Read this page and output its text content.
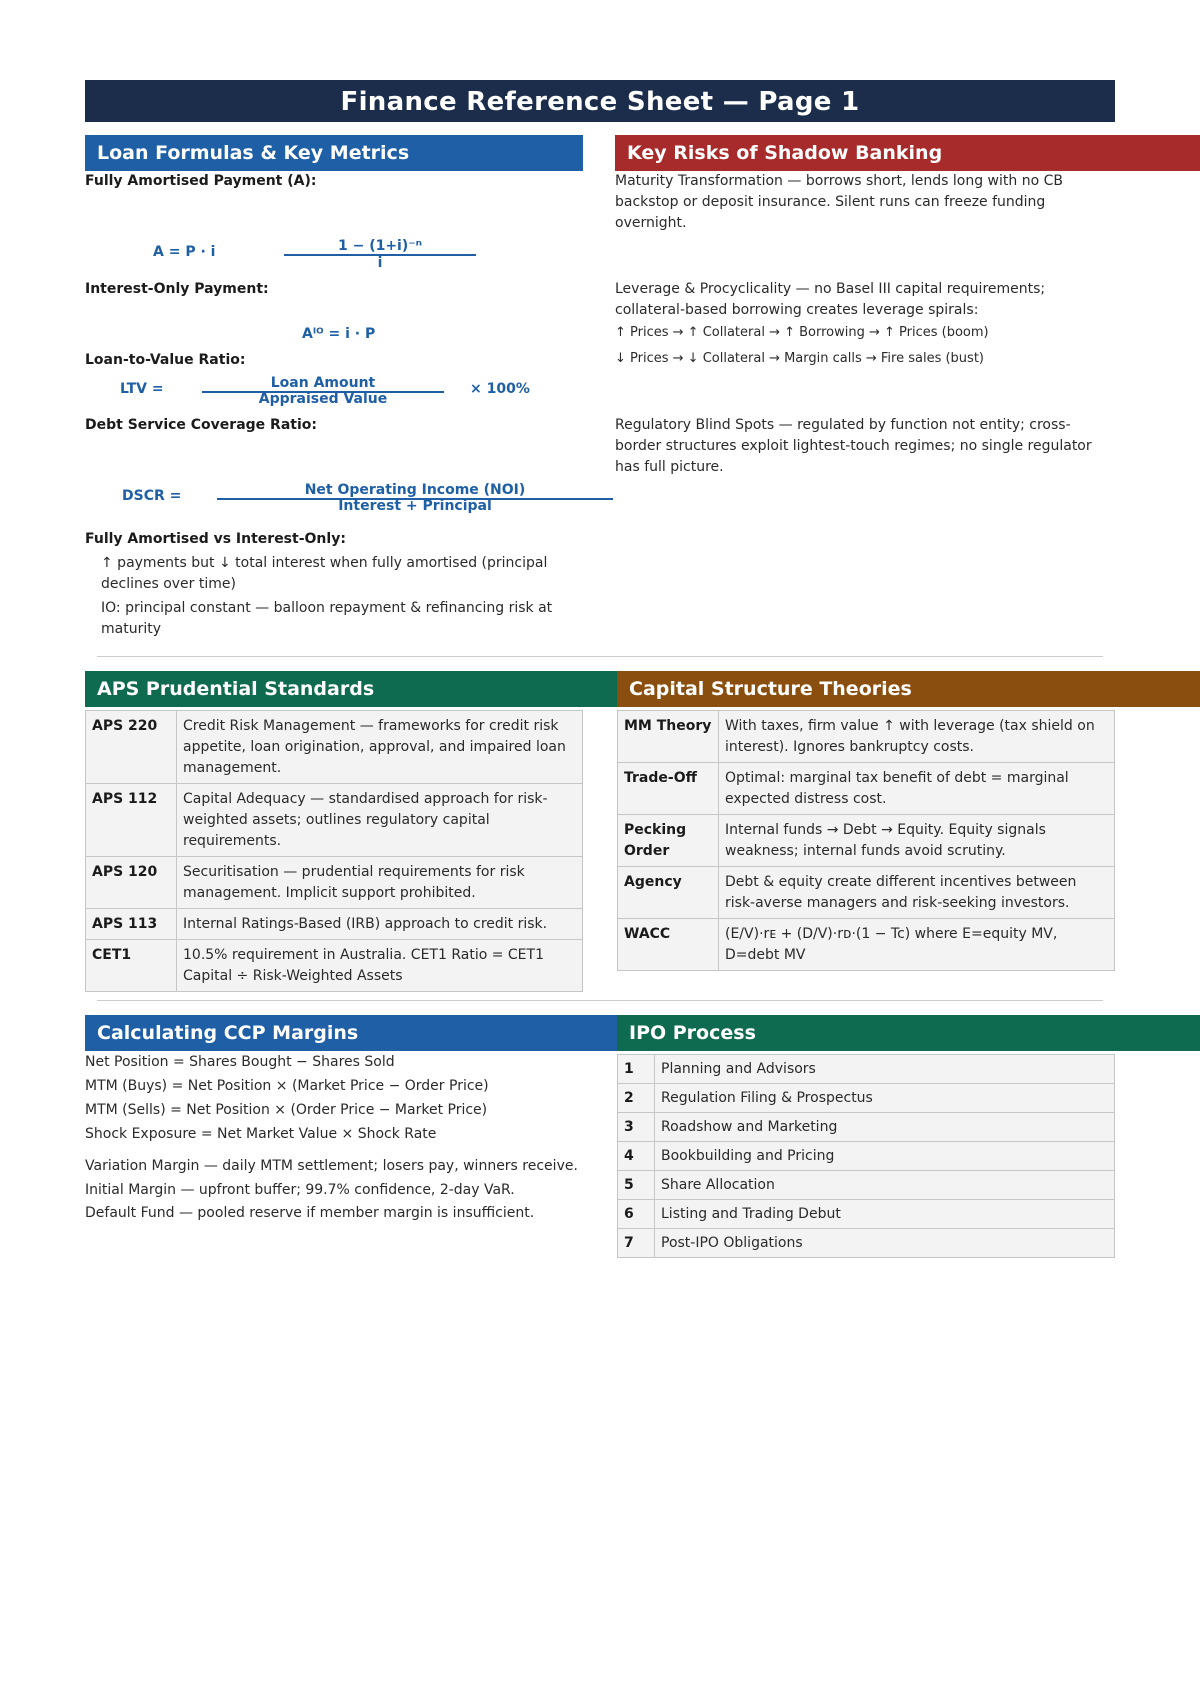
Finance Reference Sheet — Page 1
Loan Formulas & Key Metrics
Fully Amortised Payment (A):
A = P · i	1 − (1+i)⁻ⁿ
i
Interest-Only Payment:
Aᴵᴼ = i · P
Loan-to-Value Ratio:
LTV =	Loan Amount
Appraised Value
× 100%
Debt Service Coverage Ratio:
DSCR =	Net Operating Income (NOI)
Interest + Principal
Fully Amortised vs Interest-Only:
↑ payments but ↓ total interest when fully amortised (principal declines over time)
IO: principal constant — balloon repayment & refinancing risk at maturity
Key Risks of Shadow Banking
Maturity Transformation — borrows short, lends long with no CB backstop or deposit insurance. Silent runs can freeze funding overnight.
Leverage & Procyclicality — no Basel III capital requirements; collateral-based borrowing creates leverage spirals:
↑ Prices → ↑ Collateral → ↑ Borrowing → ↑ Prices (boom)
↓ Prices → ↓ Collateral → Margin calls → Fire sales (bust)
Regulatory Blind Spots — regulated by function not entity; cross-border structures exploit lightest-touch regimes; no single regulator has full picture.
APS Prudential Standards
APS 220	Credit Risk Management — frameworks for credit risk appetite, loan origination, approval, and impaired loan management.
APS 112	Capital Adequacy — standardised approach for risk-weighted assets; outlines regulatory capital requirements.
APS 120	Securitisation — prudential requirements for risk management. Implicit support prohibited.
APS 113	Internal Ratings-Based (IRB) approach to credit risk.
CET1	10.5% requirement in Australia. CET1 Ratio = CET1 Capital ÷ Risk-Weighted Assets
Capital Structure Theories
MM Theory	With taxes, firm value ↑ with leverage (tax shield on interest). Ignores bankruptcy costs.
Trade-Off	Optimal: marginal tax benefit of debt = marginal expected distress cost.
Pecking Order	Internal funds → Debt → Equity. Equity signals weakness; internal funds avoid scrutiny.
Agency	Debt & equity create different incentives between risk-averse managers and risk-seeking investors.
WACC	(E/V)·rᴇ + (D/V)·rᴅ·(1 − Tc) where E=equity MV, D=debt MV
Calculating CCP Margins
Net Position = Shares Bought − Shares Sold
MTM (Buys) = Net Position × (Market Price − Order Price)
MTM (Sells) = Net Position × (Order Price − Market Price)
Shock Exposure = Net Market Value × Shock Rate
Variation Margin — daily MTM settlement; losers pay, winners receive.
Initial Margin — upfront buffer; 99.7% confidence, 2-day VaR.
Default Fund — pooled reserve if member margin is insufficient.
IPO Process
1	Planning and Advisors
2	Regulation Filing & Prospectus
3	Roadshow and Marketing
4	Bookbuilding and Pricing
5	Share Allocation
6	Listing and Trading Debut
7	Post-IPO Obligations
